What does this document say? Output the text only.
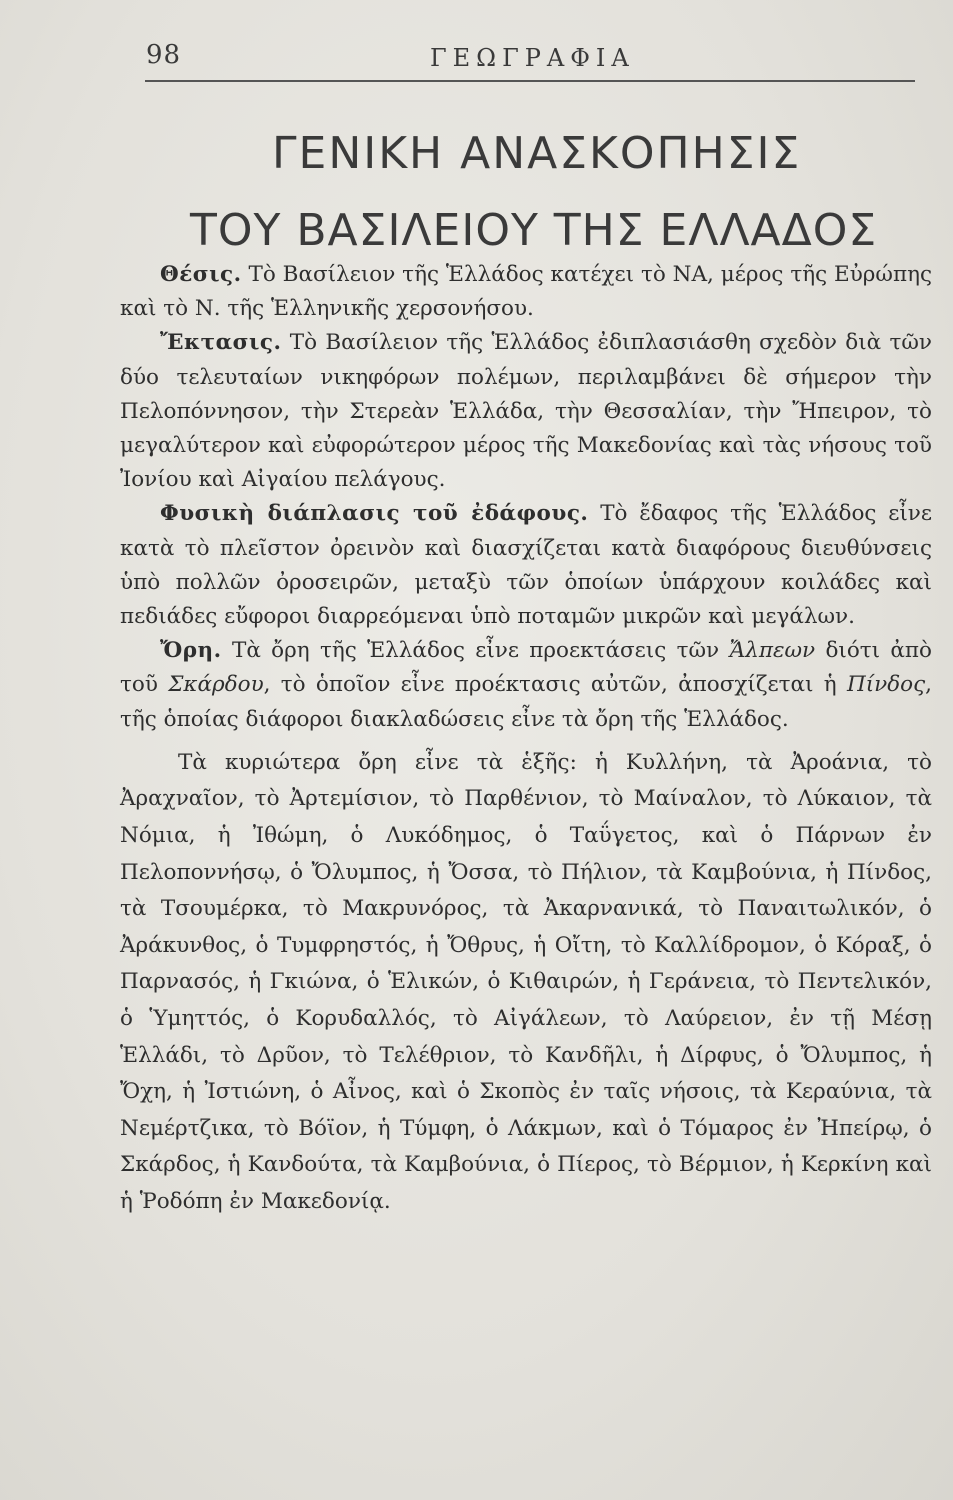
98	ΓΕΩΓΡΑΦΙΑ
ΓΕΝΙΚΗ ΑΝΑΣΚΟΠΗΣΙΣ
ΤΟΥ ΒΑΣΙΛΕΙΟΥ ΤΗΣ ΕΛΛΑΔΟΣ

Θέσις. Τὸ Βασίλειον τῆς Ἑλλάδος κατέχει τὸ ΝΑ, μέρος τῆς Εὐρώπης καὶ τὸ Ν. τῆς Ἑλληνικῆς χερσονήσου.

Ἔκτασις. Τὸ Βασίλειον τῆς Ἑλλάδος ἐδιπλασιάσθη σχεδὸν διὰ τῶν δύο τελευταίων νικηφόρων πολέμων, περιλαμβάνει δὲ σήμερον τὴν Πελοπόννησον, τὴν Στερεὰν Ἑλλάδα, τὴν Θεσσαλίαν, τὴν Ἤπειρον, τὸ μεγαλύτερον καὶ εὐφορώτερον μέρος τῆς Μακεδονίας καὶ τὰς νήσους τοῦ Ἰονίου καὶ Αἰγαίου πελάγους.

Φυσικὴ διάπλασις τοῦ ἐδάφους. Τὸ ἔδαφος τῆς Ἑλλάδος εἶνε κατὰ τὸ πλεῖστον ὀρεινὸν καὶ διασχίζεται κατὰ διαφόρους διευθύνσεις ὑπὸ πολλῶν ὀροσειρῶν, μεταξὺ τῶν ὁποίων ὑπάρχουν κοιλάδες καὶ πεδιάδες εὔφοροι διαρρεόμεναι ὑπὸ ποταμῶν μικρῶν καὶ μεγάλων.

Ὄρη. Τὰ ὄρη τῆς Ἑλλάδος εἶνε προεκτάσεις τῶν Ἄλπεων διότι ἀπὸ τοῦ Σκάρδου, τὸ ὁποῖον εἶνε προέκτασις αὐτῶν, ἀποσχίζεται ἡ Πίνδος, τῆς ὁποίας διάφοροι διακλαδώσεις εἶνε τὰ ὄρη τῆς Ἑλλάδος.

Τὰ κυριώτερα ὄρη εἶνε τὰ ἑξῆς: ἡ Κυλλήνη, τὰ Ἀροάνια, τὸ Ἀραχναῖον, τὸ Ἀρτεμίσιον, τὸ Παρθένιον, τὸ Μαίναλον, τὸ Λύκαιον, τὰ Νόμια, ἡ Ἰθώμη, ὁ Λυκόδημος, ὁ Ταΰγετος, καὶ ὁ Πάρνων ἐν Πελοποννήσῳ, ὁ Ὄλυμπος, ἡ Ὄσσα, τὸ Πήλιον, τὰ Καμβούνια, ἡ Πίνδος, τὰ Τσουμέρκα, τὸ Μακρυνόρος, τὰ Ἀκαρνανικά, τὸ Παναιτωλικόν, ὁ Ἀράκυνθος, ὁ Τυμφρηστός, ἡ Ὄθρυς, ἡ Οἴτη, τὸ Καλλίδρομον, ὁ Κόραξ, ὁ Παρνασός, ἡ Γκιώνα, ὁ Ἑλικών, ὁ Κιθαιρών, ἡ Γεράνεια, τὸ Πεντελικόν, ὁ Ὑμηττός, ὁ Κορυδαλλός, τὸ Αἰγάλεων, τὸ Λαύρειον, ἐν τῇ Μέσῃ Ἑλλάδι, τὸ Δρῦον, τὸ Τελέθριον, τὸ Κανδῆλι, ἡ Δίρφυς, ὁ Ὄλυμπος, ἡ Ὄχη, ἡ Ἰστιώνη, ὁ Αἶνος, καὶ ὁ Σκοπὸς ἐν ταῖς νήσοις, τὰ Κεραύνια, τὰ Νεμέρτζικα, τὸ Βόϊον, ἡ Τύμφη, ὁ Λάκμων, καὶ ὁ Τόμαρος ἐν Ἠπείρῳ, ὁ Σκάρδος, ἡ Κανδούτα, τὰ Καμβούνια, ὁ Πίερος, τὸ Βέρμιον, ἡ Κερκίνη καὶ ἡ Ῥοδόπη ἐν Μακεδονίᾳ.
